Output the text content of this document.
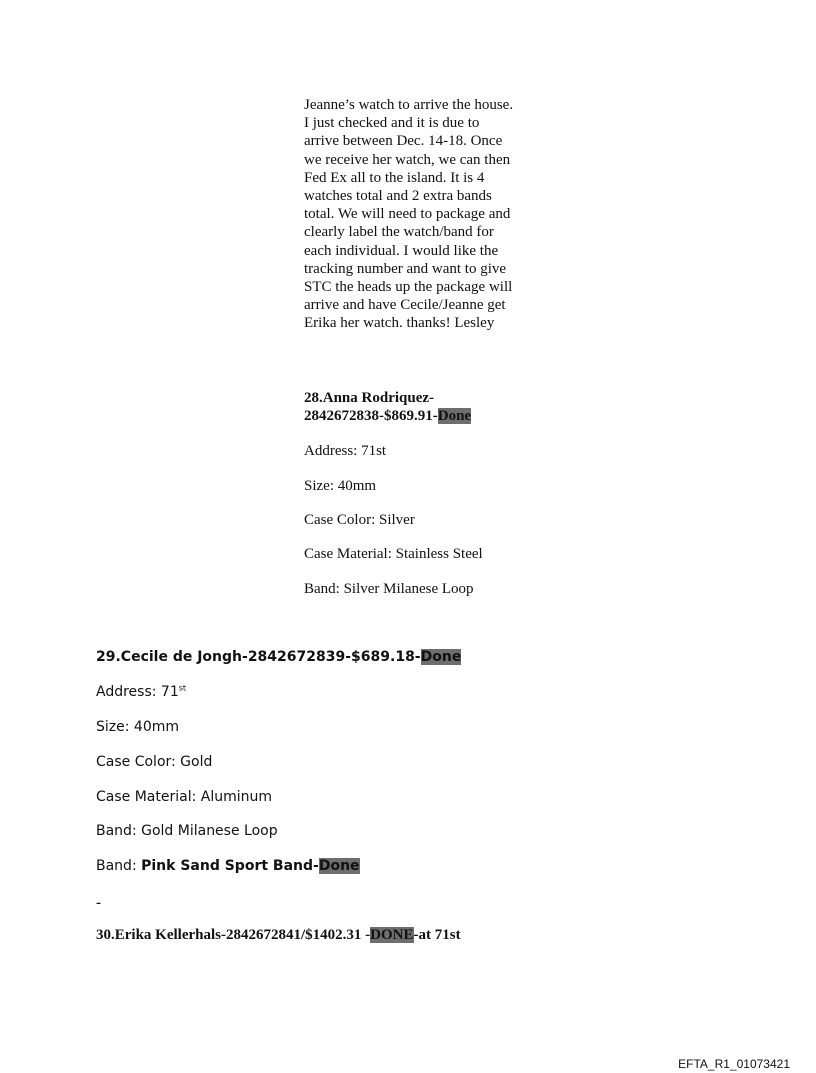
Jeanne’s watch to arrive the house. I just checked and it is due to arrive between Dec. 14-18. Once we receive her watch, we can then Fed Ex all to the island. It is 4 watches total and 2 extra bands total. We will need to package and clearly label the watch/band for each individual. I would like the tracking number and want to give STC the heads up the package will arrive and have Cecile/Jeanne get Erika her watch. thanks! Lesley

28.Anna Rodriquez-2842672838-$869.91-Done

Address: 71st

Size: 40mm

Case Color: Silver

Case Material: Stainless Steel

Band: Silver Milanese Loop

29.Cecile de Jongh-2842672839-$689.18-Done

Address: 71st

Size: 40mm

Case Color: Gold

Case Material: Aluminum

Band: Gold Milanese Loop

Band: Pink Sand Sport Band-Done

-

30.Erika Kellerhals-2842672841/$1402.31 -DONE-at 71st

EFTA_R1_01073421
